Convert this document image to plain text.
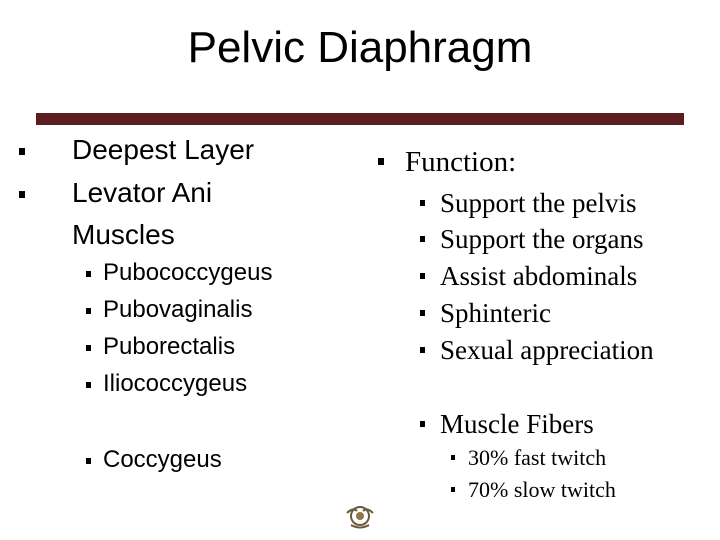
Pelvic Diaphragm
Deepest Layer
Levator Ani
Muscles
Pubococcygeus
Pubovaginalis
Puborectalis
Iliococcygeus
Coccygeus
Function:
Support the pelvis
Support the organs
Assist abdominals
Sphinteric
Sexual appreciation
Muscle Fibers
30% fast twitch
70% slow twitch
